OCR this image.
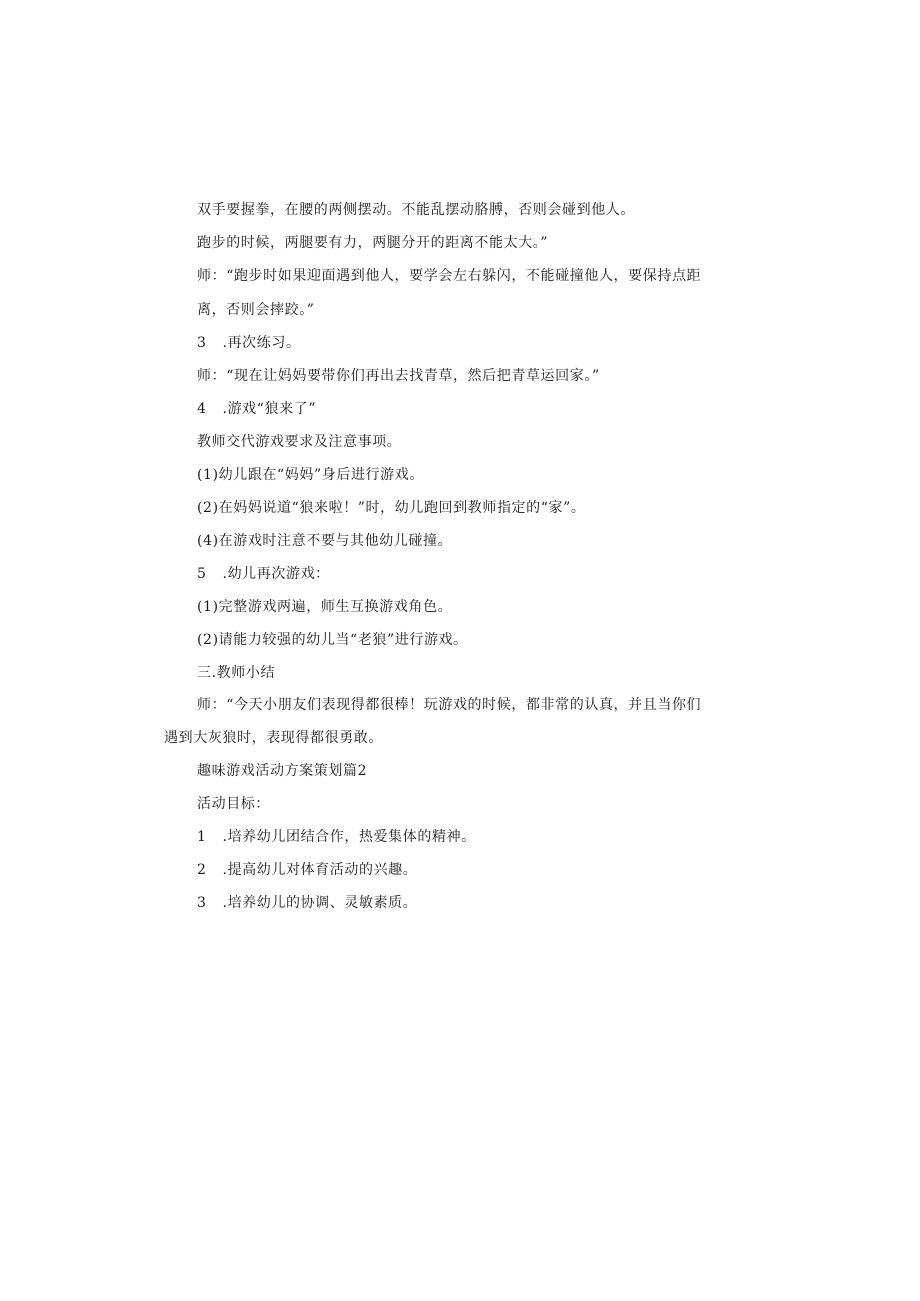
双手要握拳，在腰的两侧摆动。不能乱摆动胳膊，否则会碰到他人。
跑步的时候，两腿要有力，两腿分开的距离不能太大。”
师：“跑步时如果迎面遇到他人，要学会左右躲闪，不能碰撞他人，要保持点距
离，否则会摔跤。”
3 .再次练习。
师：“现在让妈妈要带你们再出去找青草，然后把青草运回家。”
4 .游戏“狼来了”
教师交代游戏要求及注意事项。
(1)幼儿跟在“妈妈”身后进行游戏。
(2)在妈妈说道“狼来啦！”时，幼儿跑回到教师指定的“家”。
(4)在游戏时注意不要与其他幼儿碰撞。
5 .幼儿再次游戏：
(1)完整游戏两遍，师生互换游戏角色。
(2)请能力较强的幼儿当“老狼”进行游戏。
三.教师小结
师：“今天小朋友们表现得都很棒！玩游戏的时候，都非常的认真，并且当你们
遇到大灰狼时，表现得都很勇敢。
趣味游戏活动方案策划篇2
活动目标：
1 .培养幼儿团结合作，热爱集体的精神。
2 .提高幼儿对体育活动的兴趣。
3 .培养幼儿的协调、灵敏素质。
